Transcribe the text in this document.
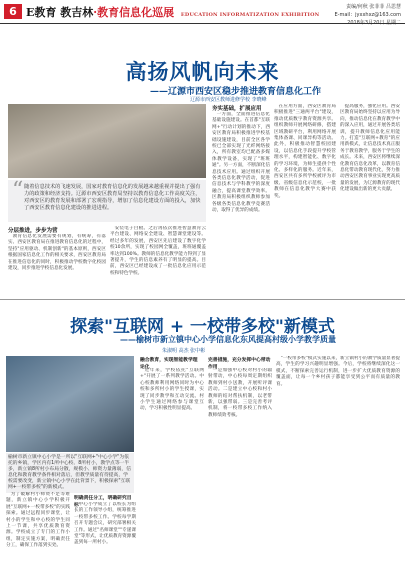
6 E教育 教吉林·教育信息化巡展 EDUCATION INFORMATIZATION EXHIBITION
责编/何秋 张菲菲 吕思慧
E-mail：jyxxhxz@163.com
2018年3月20日 星期二
高扬风帆向未来
——辽源市西安区稳步推进教育信息化工作
辽源市西安区教师进修学校 李晓峰
“ 随着信息技术的飞速发展，国家对教育信息化的发展越来越重视并提出了强有力的政策和经济支持。辽源市西安区教育局坚持以教育信息化工作高度关注，对西安区的教育发展和部署了宏观指导，增加了信息化建设方面的投入，加快了西安区教育信息化建设的推进进程。
分层推进，步步为营

教育信息化发展需要有规划，有统筹，有落实、西安区教育局在推进教育信息化的过程中，坚持"应用驱动、机制创新"的基本原则，西安区根据国家信息化工作的相关要求，西安区教育局在推进信息化的同时，积极推动学校数字化校园建设，同步推进学校信息化发展。

安装电子白板。之后再依次推进智慧教育云平台建设、网络安全建设、智慧课堂建设等。经过多年的发展，西安区先后建设了数字化学校10余所，实现了校园网全覆盖，班班通覆盖率达到100%。教师的信息化教学能力得到了显著提升，学生的信息素养有了明显的提高。目前，西安区已经建设成了一批信息化应用示范校和特色学校。

夯实基础，扩展应用

一方面，全面推进信息化基础设施建设。在首都"互联网+"行动计划的推动下，西安区教育局积极推进学校基础设施建设，目前全区各学校已全部实现了光纤网络接入，所有教室均已配备多媒体教学设备，实现了"班班通"。另一方面，不断深化信息技术应用。通过组织开展各类信息化教学活动，促进信息技术与学科教学的深度融合，提高课堂教学效率。区教育局积极组织教师参加各级各类信息化教学竞赛活动，取得了优异的成绩。

在应用方面，西安区教育局积极推进"三通两平台"建设，推动优质数字教育资源共享。组织教师开展网络研修，搭建区域教研平台，利用网络开展集体备课、同课异构等活动。此外，积极推动智慧校园建设，以信息化手段提升学校管理水平，构建智能化、数字化的学习环境，为师生提供个性化、多样化的服务。近年来，西安区共有多所学校被评为市级、省级信息化示范校，一批教师在信息化教学大赛中获奖。

提高服务，强化应用。西安区教育局始终坚持以应用为导向，推动信息化在教育教学中的深入应用，通过开展各类培训，提升教师信息化应用能力。打造"互联网+教育"的应用新模式，让信息技术真正服务于教育教学，服务于学生的成长。未来，西安区将继续深化教育信息化改革，以教育信息化带动教育现代化，努力推动西安区教育事业实现更高质量的发展，为辽源教育的现代化建设做出新的更大贡献。

探索"互联网 + 一校带多校"新模式
——榆树市新立镇中心小学信息化东风提高村级小学教学质量
朱淑明 高杰 张中彬
榆树市新立镇中心小学是一所以"互联网+"中心小学"为依托的乡镇，学区内有1所中心校、8所村小，教学点等一半多，新立镇8所村小布局分散，规模小、师资力量薄弱，信息化和教育教学条件相对落后，但教学质量有待提高，学校需要改变，新立镇中心小学在此背景下，积极探索"互联网+一校带多校"的新模式。

为了破解村小师资不足等难题，新立镇中心小学积极开展"互联网+一校带多校"的实践探索。通过远程同步课堂，让村小的学生和中心校的学生同上一节课，共享优质教育资源。学校成立了专门的工作小组，制定实施方案，明确责任分工，确保工作落到实处。

明确责任分工，明确研究目标 中心小学成立了以校长为组长的工作领导小组，统筹推进一校带多校工作。学校每学期召开专题会议，研究部署相关工作。通过"名师课堂""专递课堂"等形式，让优质教育资源覆盖到每一所村小。

融合教育，实现智能教学理论化

近年来，学校依托"互联网+"开展了一系列教学活动。中心校教师利用网络同时为中心校和多所村小的学生授课，实现了同步教学和互动交流。村小学生通过网络参与课堂互动，学习积极性明显提高。

完善措施，充分发挥中心带动作用

一是加强中心校对村小的辐射带动，中心校每周定期组织教师到村小送教，开展听评课活动。二是建立中心校和村小教师的结对帮扶机制，以老带新，以强带弱。三是完善考评机制，将一校带多校工作纳入教师绩效考核。

"一校带多校"模式实施以来，新立镇村小的教学质量显著提高，学生的学习兴趣明显增强。今后，学校将继续深化这一模式，不断探索完善运行机制，进一步扩大优质教育资源的覆盖面，让每一个乡村孩子都能享受到公平而有质量的教育。
